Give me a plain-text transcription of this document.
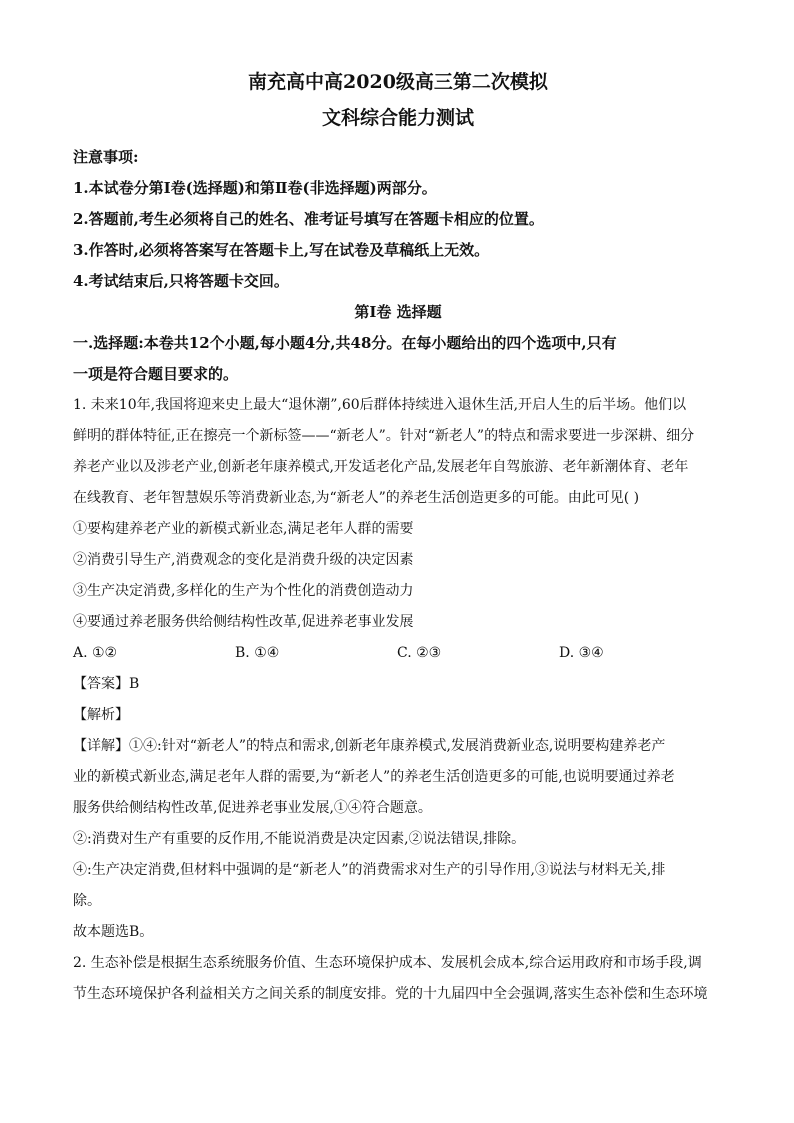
南充高中高2020级高三第二次模拟
文科综合能力测试
注意事项:
1.本试卷分第Ⅰ卷(选择题)和第Ⅱ卷(非选择题)两部分。
2.答题前,考生必须将自己的姓名、准考证号填写在答题卡相应的位置。
3.作答时,必须将答案写在答题卡上,写在试卷及草稿纸上无效。
4.考试结束后,只将答题卡交回。
第Ⅰ卷 选择题
一.选择题:本卷共12个小题,每小题4分,共48分。在每小题给出的四个选项中,只有
一项是符合题目要求的。
1. 未来10年,我国将迎来史上最大“退休潮”,60后群体持续进入退休生活,开启人生的后半场。他们以
鲜明的群体特征,正在擦亮一个新标签——“新老人”。针对“新老人”的特点和需求要进一步深耕、细分
养老产业以及涉老产业,创新老年康养模式,开发适老化产品,发展老年自驾旅游、老年新潮体育、老年
在线教育、老年智慧娱乐等消费新业态,为“新老人”的养老生活创造更多的可能。由此可见( )
①要构建养老产业的新模式新业态,满足老年人群的需要
②消费引导生产,消费观念的变化是消费升级的决定因素
③生产决定消费,多样化的生产为个性化的消费创造动力
④要通过养老服务供给侧结构性改革,促进养老事业发展
A. ①②	B. ①④	C. ②③	D. ③④
【答案】B
【解析】
【详解】①④:针对“新老人”的特点和需求,创新老年康养模式,发展消费新业态,说明要构建养老产
业的新模式新业态,满足老年人群的需要,为“新老人”的养老生活创造更多的可能,也说明要通过养老
服务供给侧结构性改革,促进养老事业发展,①④符合题意。
②:消费对生产有重要的反作用,不能说消费是决定因素,②说法错误,排除。
④:生产决定消费,但材料中强调的是“新老人”的消费需求对生产的引导作用,③说法与材料无关,排
除。
故本题选B。
2. 生态补偿是根据生态系统服务价值、生态环境保护成本、发展机会成本,综合运用政府和市场手段,调
节生态环境保护各利益相关方之间关系的制度安排。党的十九届四中全会强调,落实生态补偿和生态环境
